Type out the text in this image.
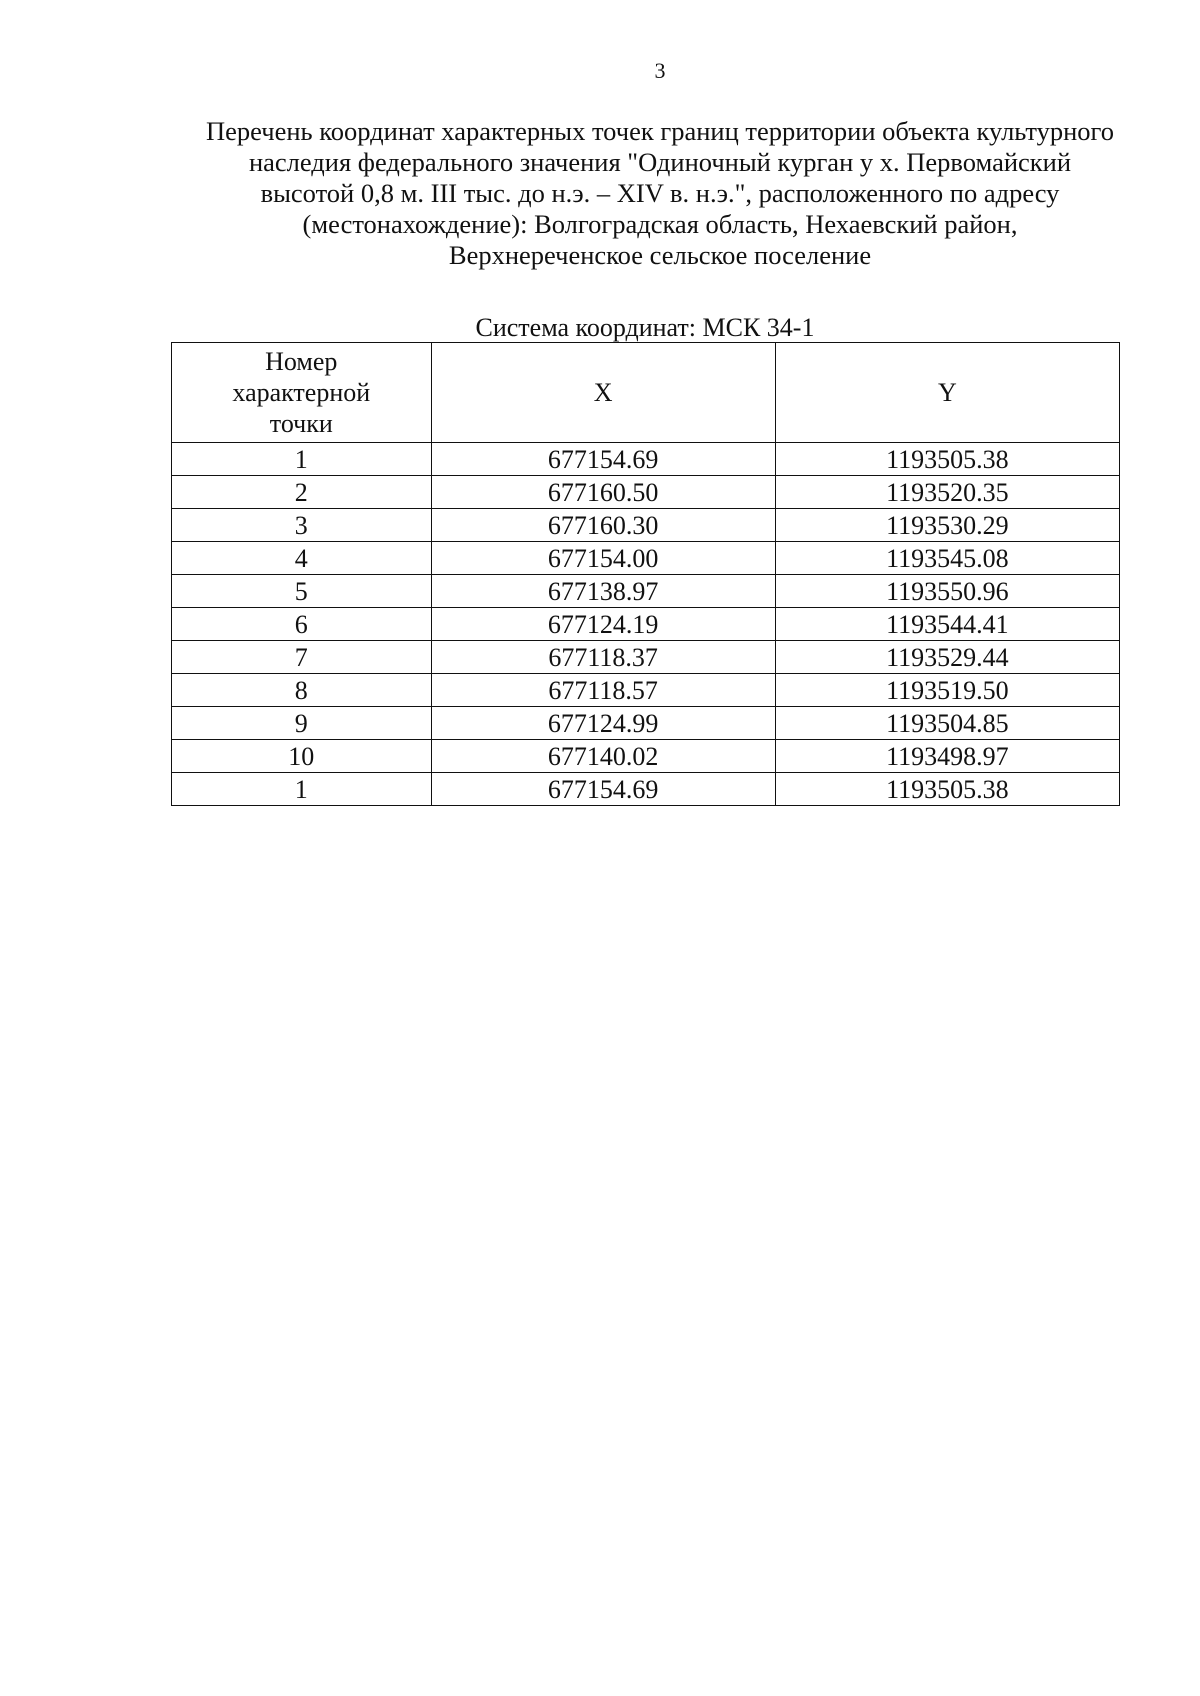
3
Перечень координат характерных точек границ территории объекта культурного
наследия федерального значения "Одиночный курган у х. Первомайский
высотой 0,8 м. III тыс. до н.э. – XIV в. н.э.", расположенного по адресу
(местонахождение): Волгоградская область, Нехаевский район,
Верхнереченское сельское поселение
Система координат: МСК 34-1
Номер
характерной
точки	X	Y
1	677154.69	1193505.38
2	677160.50	1193520.35
3	677160.30	1193530.29
4	677154.00	1193545.08
5	677138.97	1193550.96
6	677124.19	1193544.41
7	677118.37	1193529.44
8	677118.57	1193519.50
9	677124.99	1193504.85
10	677140.02	1193498.97
1	677154.69	1193505.38
